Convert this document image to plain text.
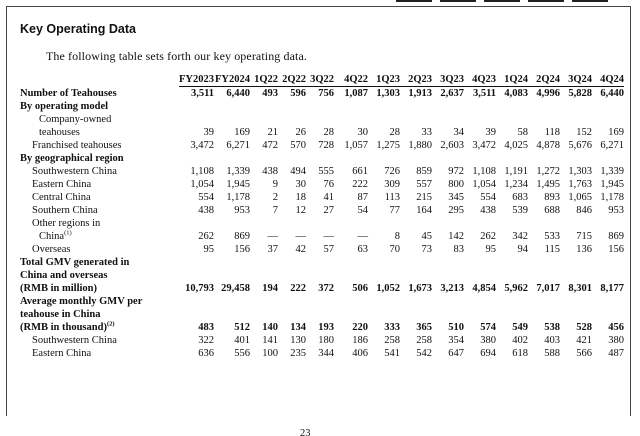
Key Operating Data

The following table sets forth our key operating data.

	FY2023	FY2024	1Q22	2Q22	3Q22	4Q22	1Q23	2Q23	3Q23	4Q23	1Q24	2Q24	3Q24	4Q24
Number of Teahouses	3,511	6,440	493	596	756	1,087	1,303	1,913	2,637	3,511	4,083	4,996	5,828	6,440
By operating model														
Company-owned														
teahouses	39	169	21	26	28	30	28	33	34	39	58	118	152	169
Franchised teahouses	3,472	6,271	472	570	728	1,057	1,275	1,880	2,603	3,472	4,025	4,878	5,676	6,271
By geographical region														
Southwestern China	1,108	1,339	438	494	555	661	726	859	972	1,108	1,191	1,272	1,303	1,339
Eastern China	1,054	1,945	9	30	76	222	309	557	800	1,054	1,234	1,495	1,763	1,945
Central China	554	1,178	2	18	41	87	113	215	345	554	683	893	1,065	1,178
Southern China	438	953	7	12	27	54	77	164	295	438	539	688	846	953
Other regions in														
China$^{(1)}$	262	869	—	—	—	—	8	45	142	262	342	533	715	869
Overseas	95	156	37	42	57	63	70	73	83	95	94	115	136	156
Total GMV generated in														
China and overseas														
(RMB in million)	10,793	29,458	194	222	372	506	1,052	1,673	3,213	4,854	5,962	7,017	8,301	8,177
Average monthly GMV per														
teahouse in China														
(RMB in thousand)$^{(2)}$	483	512	140	134	193	220	333	365	510	574	549	538	528	456
Southwestern China	322	401	141	130	180	186	258	258	354	380	402	403	421	380
Eastern China	636	556	100	235	344	406	541	542	647	694	618	588	566	487
23
